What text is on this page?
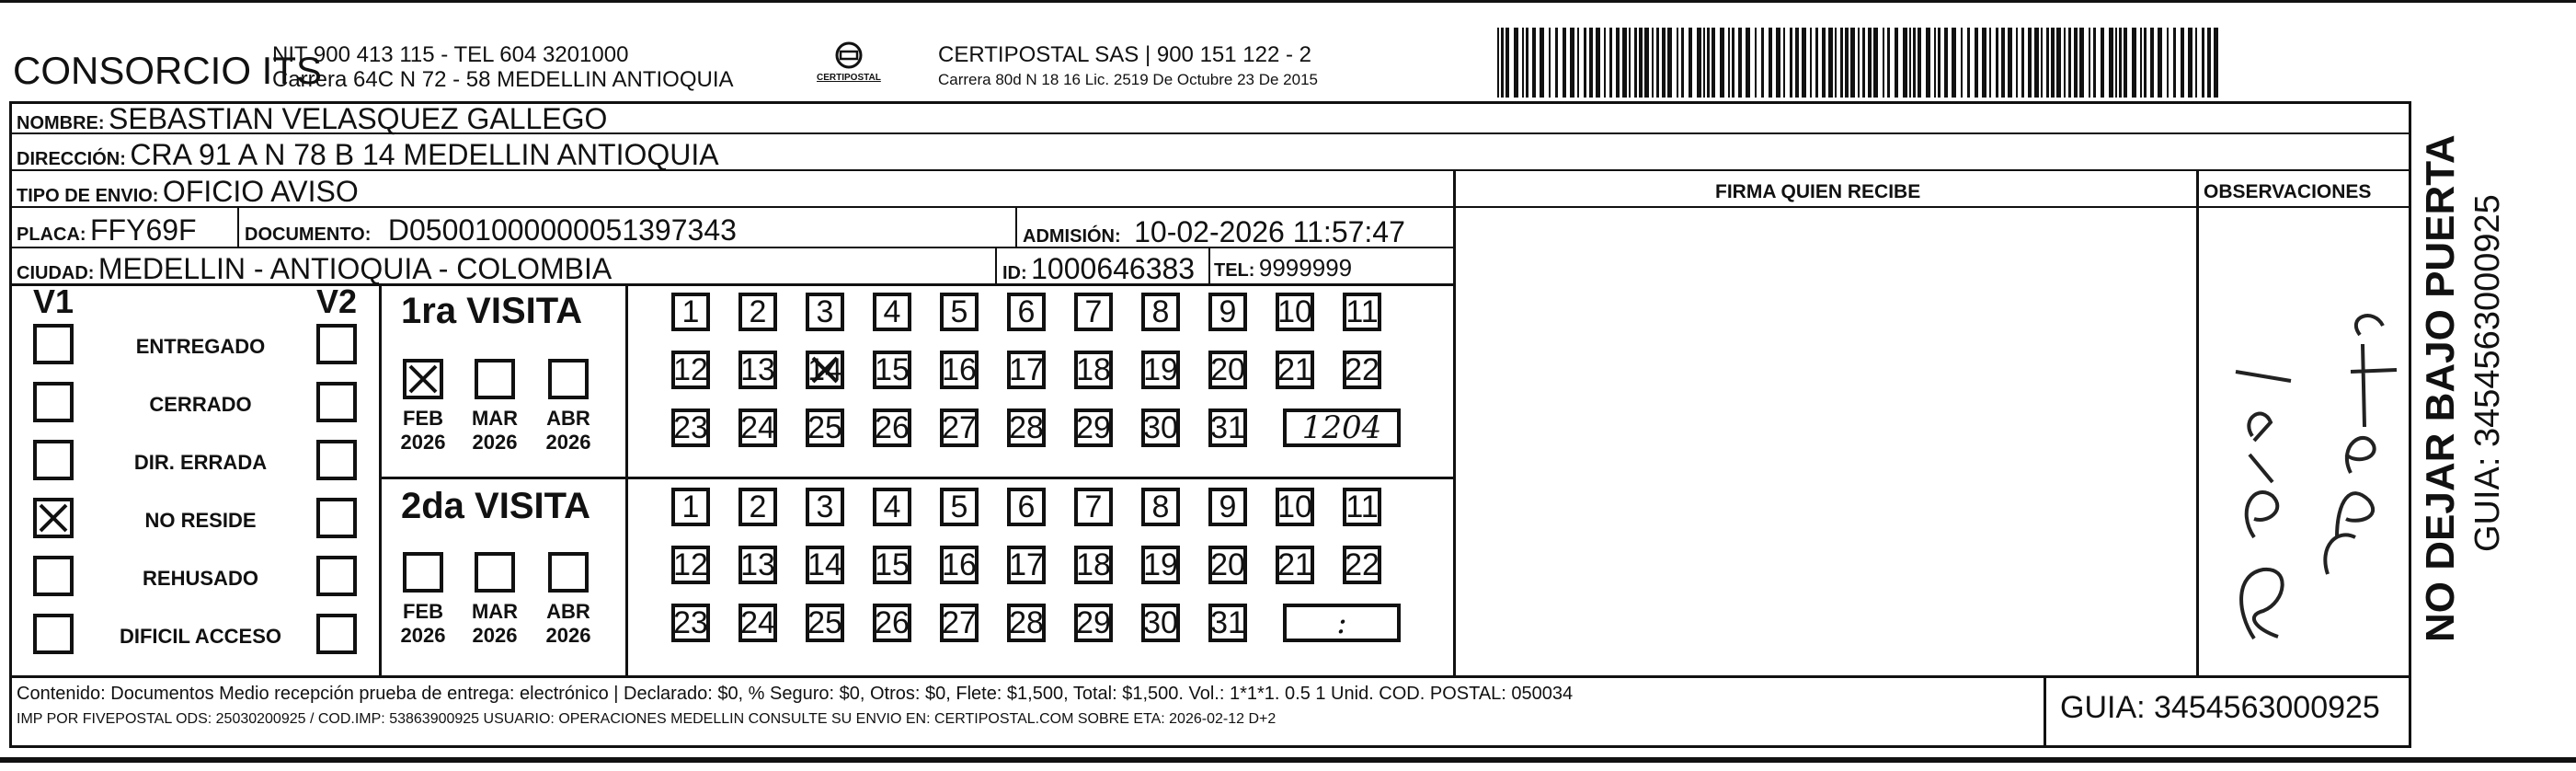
CONSORCIO ITS
NIT 900 413 115 - TEL 604 3201000
Carrera 64C N 72 - 58 MEDELLIN ANTIOQUIA	CERTIPOSTAL
CERTIPOSTAL SAS | 900 151 122 - 2
Carrera 80d N 18 16 Lic. 2519 De Octubre 23 De 2015
NOMBRE: SEBASTIAN VELASQUEZ GALLEGO
DIRECCIÓN: CRA 91 A N 78 B 14 MEDELLIN ANTIOQUIA
TIPO DE ENVIO: OFICIO AVISO
PLACA: FFY69F	DOCUMENTO: D05001000000051397343	ADMISIÓN: 10-02-2026 11:57:47
CIUDAD: MEDELLIN - ANTIOQUIA - COLOMBIA	ID: 1000646383 TEL: 9999999
FIRMA QUIEN RECIBE	OBSERVACIONES
V1	V2
ENTREGADO
CERRADO
DIR. ERRADA
NO RESIDE
REHUSADO
DIFICIL ACCESO
1ra VISITA
2da VISITA
FEB
2026
MAR
2026
ABR
2026
FEB
2026
MAR
2026
ABR
2026
1 2 3 4 5 6 7 8 9 10 11
12 13 14 15 16 17 18 19 20 21 22
23 24 25 26 27 28 29 30 31 1204
1 2 3 4 5 6 7 8 9 10 11
12 13 14 15 16 17 18 19 20 21 22
23 24 25 26 27 28 29 30 31	:
Contenido: Documentos Medio recepción prueba de entrega: electrónico | Declarado: $0, % Seguro: $0, Otros: $0, Flete: $1,500, Total: $1,500. Vol.: 1*1*1. 0.5 1 Unid. COD. POSTAL: 050034
IMP POR FIVEPOSTAL ODS: 25030200925 / COD.IMP: 53863900925 USUARIO: OPERACIONES MEDELLIN CONSULTE SU ENVIO EN: CERTIPOSTAL.COM SOBRE ETA: 2026-02-12 D+2	GUIA: 3454563000925
NO DEJAR BAJO PUERTA GUIA: 3454563000925
